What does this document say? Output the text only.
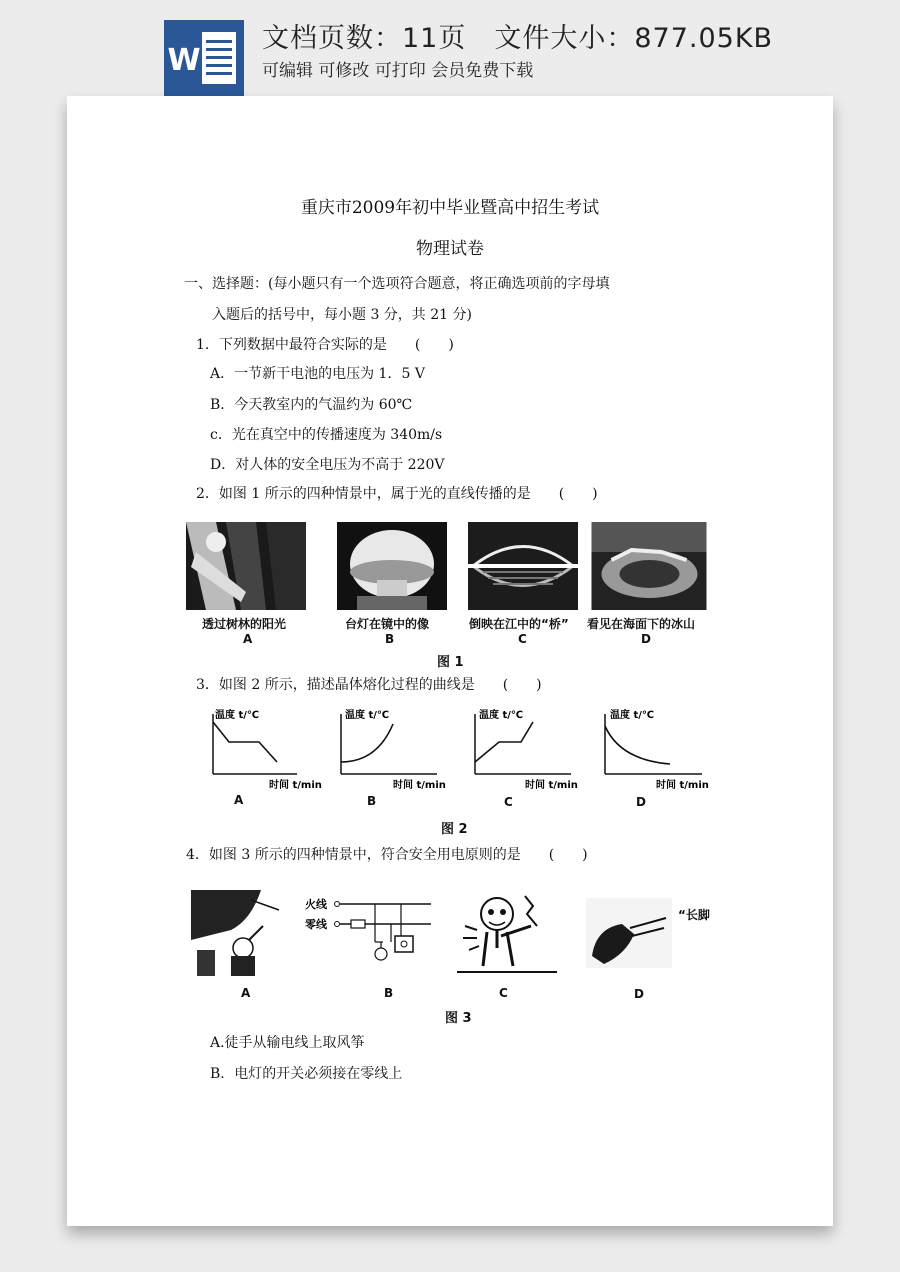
W
文档页数：11页　文件大小：877.05KB
可编辑 可修改 可打印 会员免费下载
重庆市2009年初中毕业暨高中招生考试
物理试卷
一、选择题：(每小题只有一个选项符合题意，将正确选项前的字母填
入题后的括号中，每小题 3 分，共 21 分)
1．下列数据中最符合实际的是　　(　　)
A．一节新干电池的电压为 1．5 V
B．今天教室内的气温约为 60℃
c．光在真空中的传播速度为 340m/s
D．对人体的安全电压为不高于 220V
2．如图 1 所示的四种情景中，属于光的直线传播的是　　(　　)
透过树林的阳光	台灯在镜中的像	倒映在江中的“桥” 看见在海面下的冰山
A	B	C	D
图 1
3．如图 2 所示，描述晶体熔化过程的曲线是　　(　　)
温度 t/℃
时间 t/min
温度 t/℃
时间 t/min
温度 t/℃
时间 t/min
温度 t/℃
时间 t/min
A	B	C	D
图 2
4．如图 3 所示的四种情景中，符合安全用电原则的是　　(　　)
火线
零线
“长脚
A	B	C	D
图 3
A.徒手从输电线上取风筝
B．电灯的开关必须接在零线上
